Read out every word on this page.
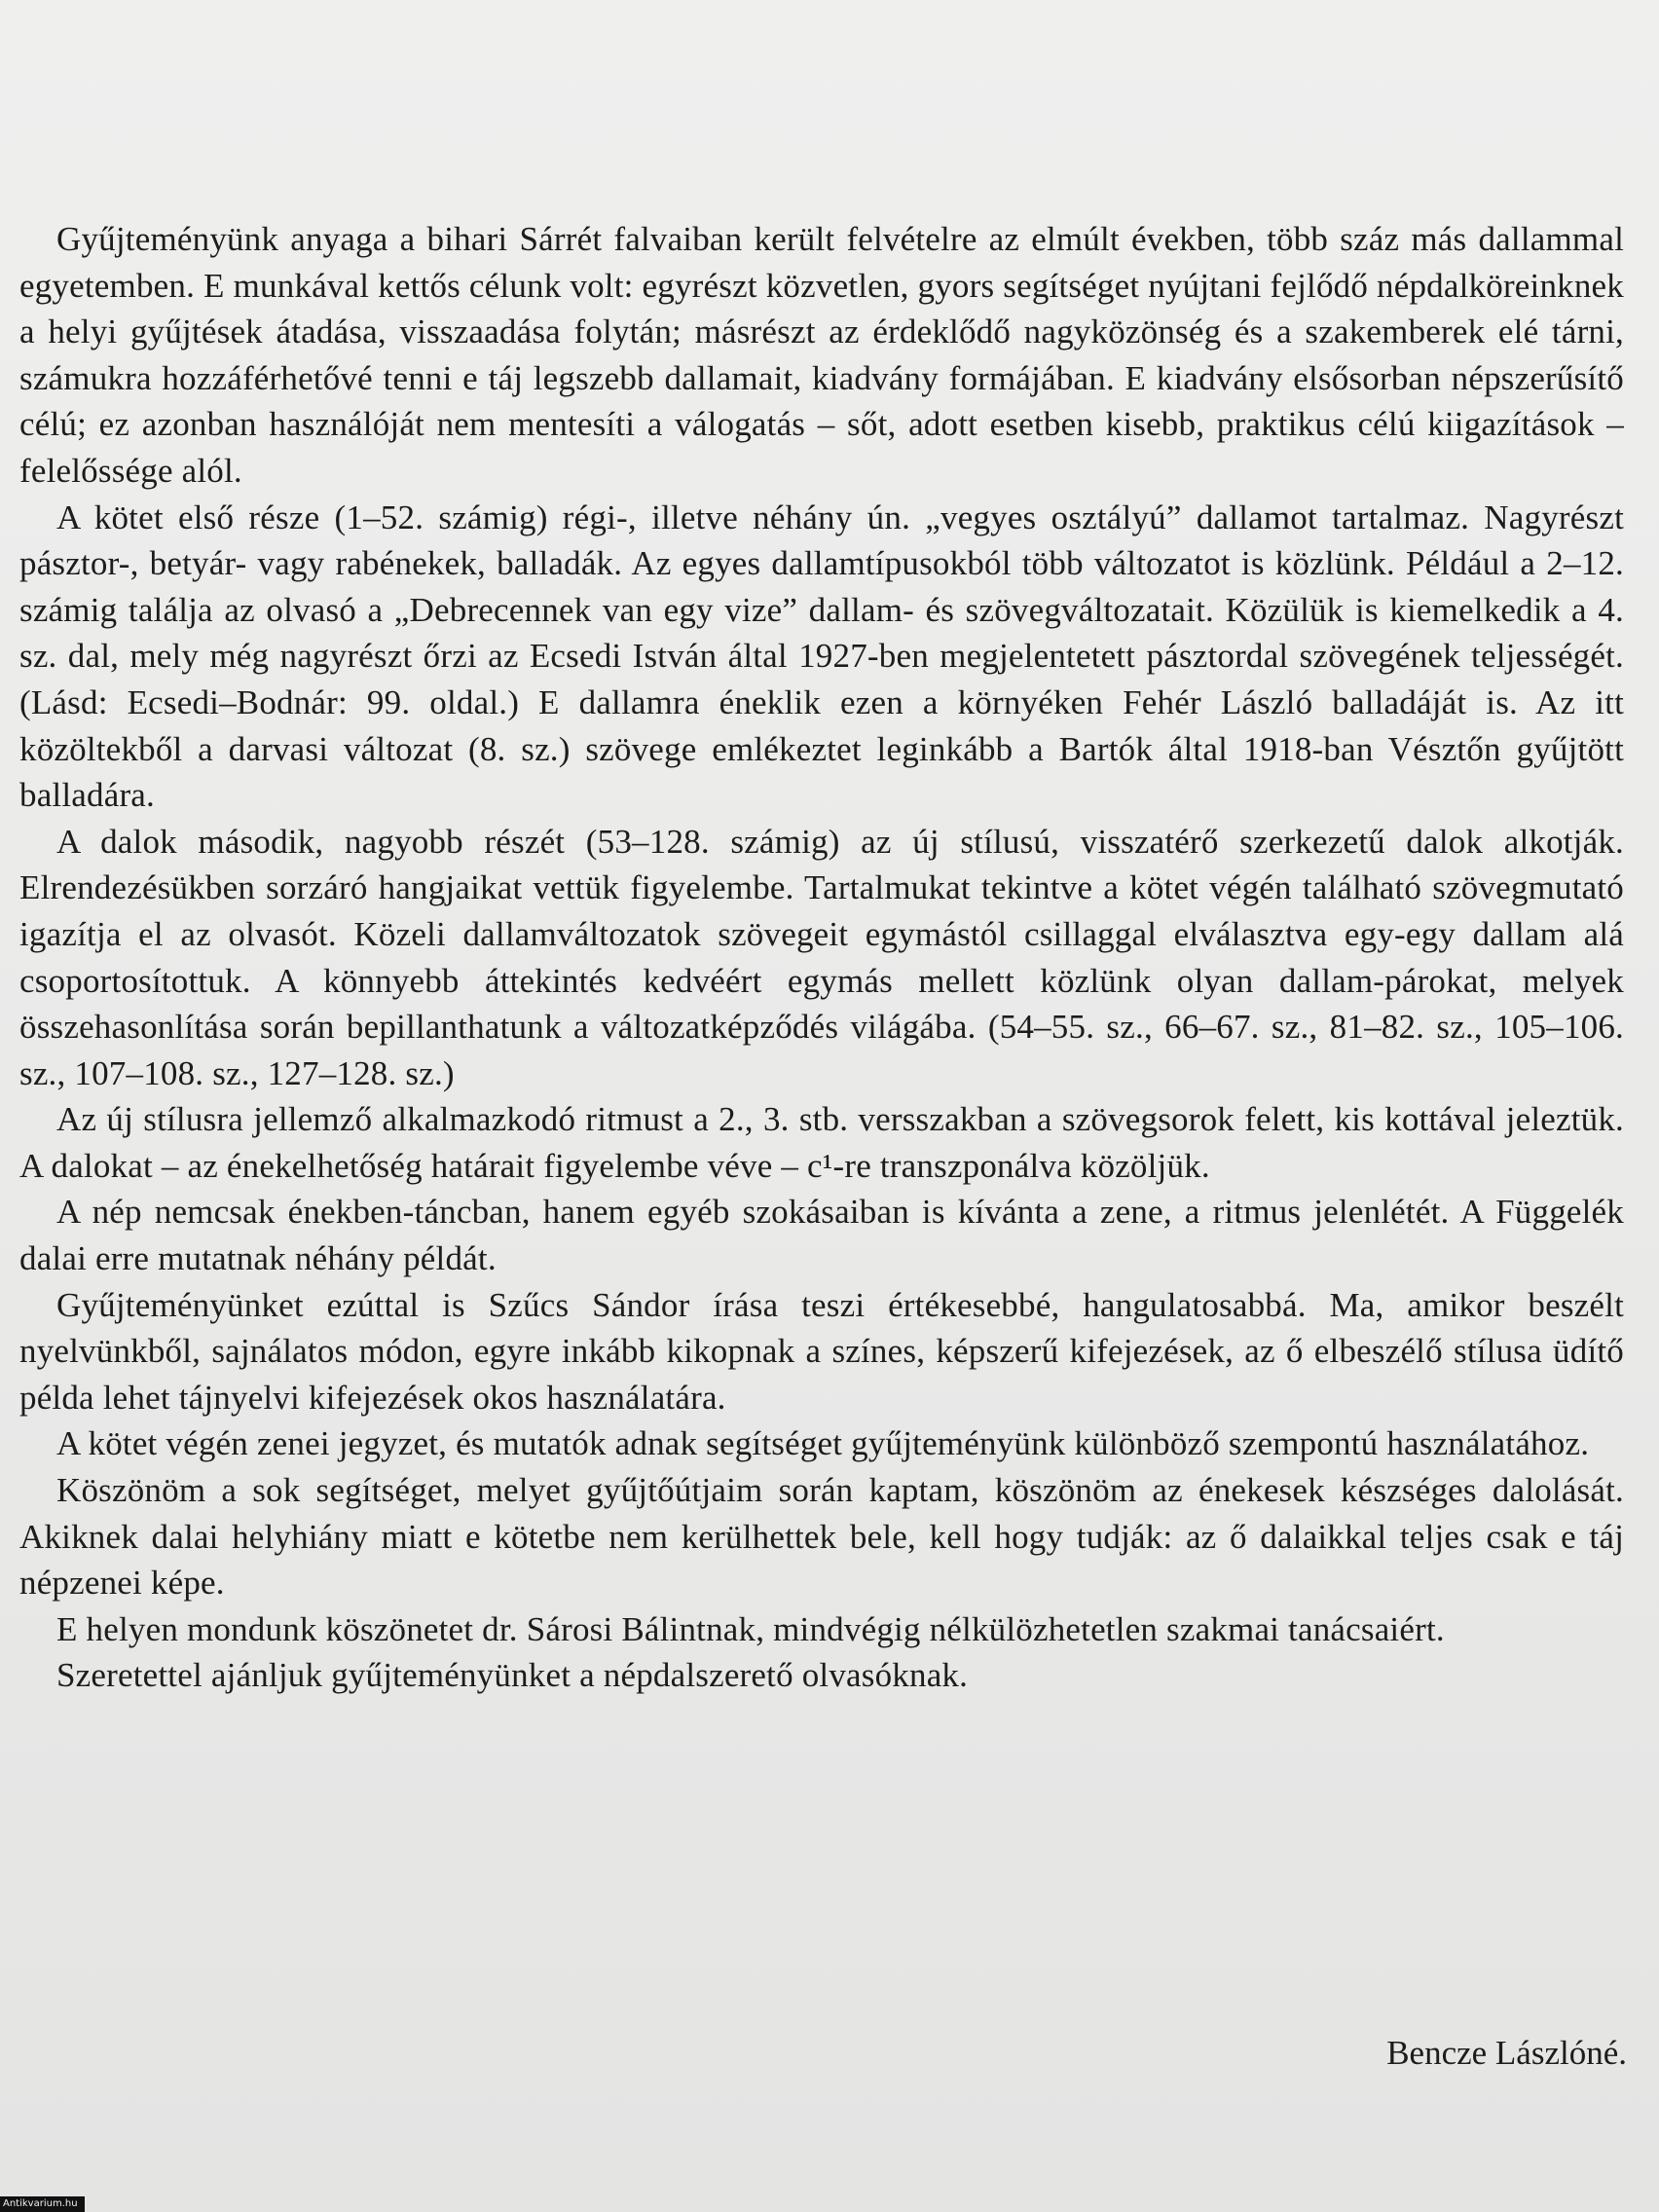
Gyűjteményünk anyaga a bihari Sárrét falvaiban került felvételre az elmúlt években, több száz más dallammal egyetemben. E munkával kettős célunk volt: egyrészt közvetlen, gyors segítséget nyújtani fejlődő népdalköreinknek a helyi gyűjtések átadása, visszaadása folytán; másrészt az érdeklődő nagyközönség és a szakemberek elé tárni, számukra hozzáférhetővé tenni e táj legszebb dallamait, kiadvány formájában. E kiadvány elsősorban népszerűsítő célú; ez azonban használóját nem mentesíti a válogatás – sőt, adott esetben kisebb, praktikus célú kiigazítások – felelőssége alól.

A kötet első része (1–52. számig) régi-, illetve néhány ún. „vegyes osztályú” dallamot tartalmaz. Nagyrészt pásztor-, betyár- vagy rabénekek, balladák. Az egyes dallamtípusokból több változatot is közlünk. Például a 2–12. számig találja az olvasó a „Debrecennek van egy vize” dallam- és szövegváltozatait. Közülük is kiemelkedik a 4. sz. dal, mely még nagyrészt őrzi az Ecsedi István által 1927-ben megjelentetett pásztordal szövegének teljességét. (Lásd: Ecsedi–Bodnár: 99. oldal.) E dallamra éneklik ezen a környéken Fehér László balladáját is. Az itt közöltekből a darvasi változat (8. sz.) szövege emlékeztet leginkább a Bartók által 1918-ban Vésztőn gyűjtött balladára.

A dalok második, nagyobb részét (53–128. számig) az új stílusú, visszatérő szerkezetű dalok alkotják. Elrendezésükben sorzáró hangjaikat vettük figyelembe. Tartalmukat tekintve a kötet végén található szövegmutató igazítja el az olvasót. Közeli dallamváltozatok szövegeit egymástól csillaggal elválasztva egy-egy dallam alá csoportosítottuk. A könnyebb áttekintés kedvéért egymás mellett közlünk olyan dallam-párokat, melyek összehasonlítása során bepillanthatunk a változatképződés világába. (54–55. sz., 66–67. sz., 81–82. sz., 105–106. sz., 107–108. sz., 127–128. sz.)

Az új stílusra jellemző alkalmazkodó ritmust a 2., 3. stb. versszakban a szövegsorok felett, kis kottával jeleztük. A dalokat – az énekelhetőség határait figyelembe véve – c¹-re transzponálva közöljük.

A nép nemcsak énekben-táncban, hanem egyéb szokásaiban is kívánta a zene, a ritmus jelenlétét. A Függelék dalai erre mutatnak néhány példát.

Gyűjteményünket ezúttal is Szűcs Sándor írása teszi értékesebbé, hangulatosabbá. Ma, amikor beszélt nyelvünkből, sajnálatos módon, egyre inkább kikopnak a színes, képszerű kifejezések, az ő elbeszélő stílusa üdítő példa lehet tájnyelvi kifejezések okos használatára.

A kötet végén zenei jegyzet, és mutatók adnak segítséget gyűjteményünk különböző szempontú használatához.

Köszönöm a sok segítséget, melyet gyűjtőútjaim során kaptam, köszönöm az énekesek készséges dalolását. Akiknek dalai helyhiány miatt e kötetbe nem kerülhettek bele, kell hogy tudják: az ő dalaikkal teljes csak e táj népzenei képe.

E helyen mondunk köszönetet dr. Sárosi Bálintnak, mindvégig nélkülözhetetlen szakmai tanácsaiért.

Szeretettel ajánljuk gyűjteményünket a népdalszerető olvasóknak.

Bencze Lászlóné.
Antikvarium.hu
